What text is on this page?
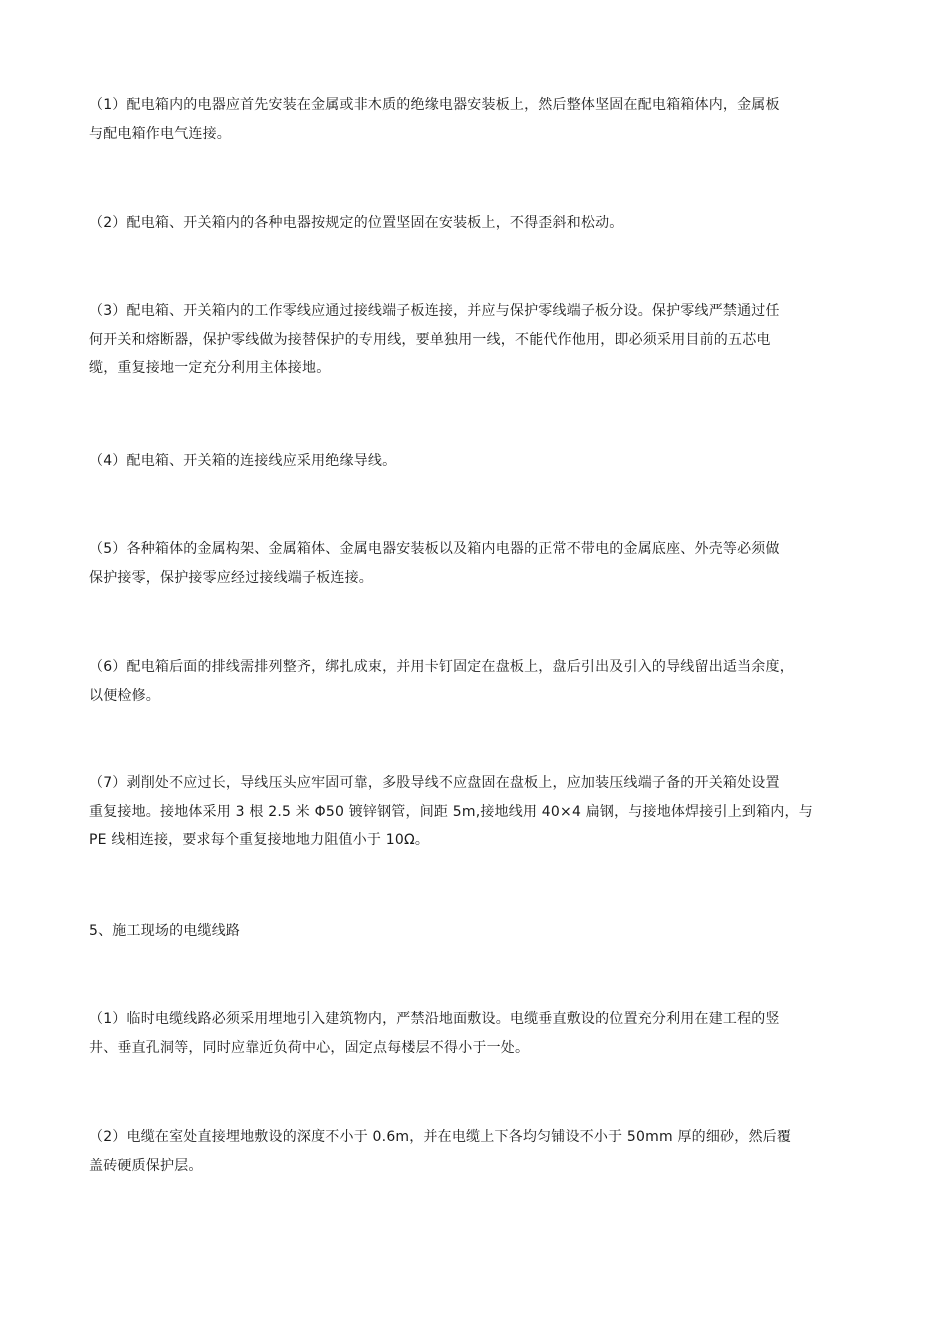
（1）配电箱内的电器应首先安装在金属或非木质的绝缘电器安装板上，然后整体坚固在配电箱箱体内，金属板
与配电箱作电气连接。

（2）配电箱、开关箱内的各种电器按规定的位置坚固在安装板上，不得歪斜和松动。

（3）配电箱、开关箱内的工作零线应通过接线端子板连接，并应与保护零线端子板分设。保护零线严禁通过任
何开关和熔断器，保护零线做为接替保护的专用线，要单独用一线，不能代作他用，即必须采用目前的五芯电
缆，重复接地一定充分利用主体接地。

（4）配电箱、开关箱的连接线应采用绝缘导线。

（5）各种箱体的金属构架、金属箱体、金属电器安装板以及箱内电器的正常不带电的金属底座、外壳等必须做
保护接零，保护接零应经过接线端子板连接。

（6）配电箱后面的排线需排列整齐，绑扎成束，并用卡钉固定在盘板上，盘后引出及引入的导线留出适当余度，
以便检修。

（7）剥削处不应过长，导线压头应牢固可靠，多股导线不应盘固在盘板上，应加装压线端子备的开关箱处设置
重复接地。接地体采用 3 根 2.5 米 Φ50 镀锌钢管，间距 5m,接地线用 40×4 扁钢，与接地体焊接引上到箱内，与
PE 线相连接，要求每个重复接地地力阻值小于 10Ω。

5、施工现场的电缆线路

（1）临时电缆线路必须采用埋地引入建筑物内，严禁沿地面敷设。电缆垂直敷设的位置充分利用在建工程的竖
井、垂直孔洞等，同时应靠近负荷中心，固定点每楼层不得小于一处。

（2）电缆在室处直接埋地敷设的深度不小于 0.6m，并在电缆上下各均匀铺设不小于 50mm 厚的细砂，然后覆
盖砖硬质保护层。
